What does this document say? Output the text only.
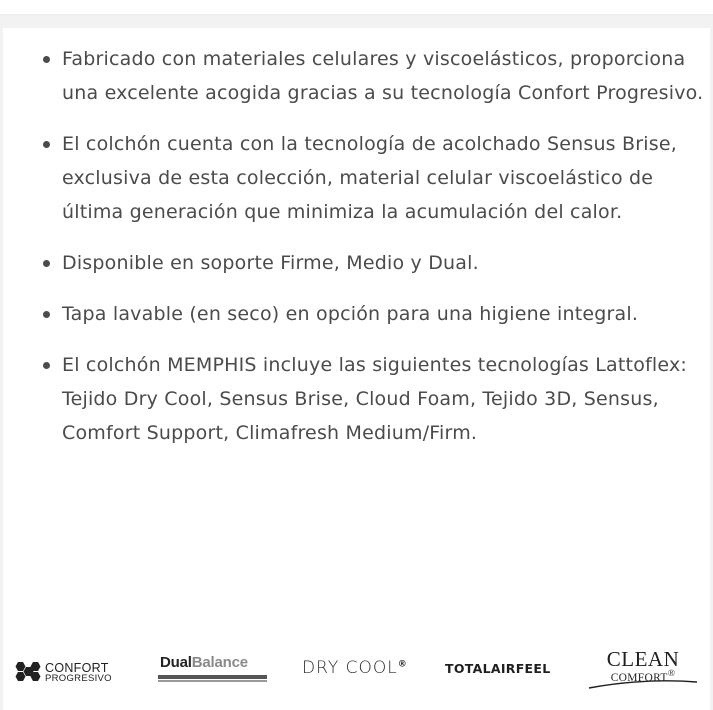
Fabricado con materiales celulares y viscoelásticos, proporciona una excelente acogida gracias a su tecnología Confort Progresivo.
El colchón cuenta con la tecnología de acolchado Sensus Brise, exclusiva de esta colección, material celular viscoelástico de última generación que minimiza la acumulación del calor.
Disponible en soporte Firme, Medio y Dual.
Tapa lavable (en seco) en opción para una higiene integral.
El colchón MEMPHIS incluye las siguientes tecnologías Lattoflex: Tejido Dry Cool, Sensus Brise, Cloud Foam, Tejido 3D, Sensus, Comfort Support, Climafresh Medium/Firm.
CONFORT
PROGRESIVO
DualBalance	DRY COOL®	TOTALAIRFEEL	CLEAN
COMFORT®
